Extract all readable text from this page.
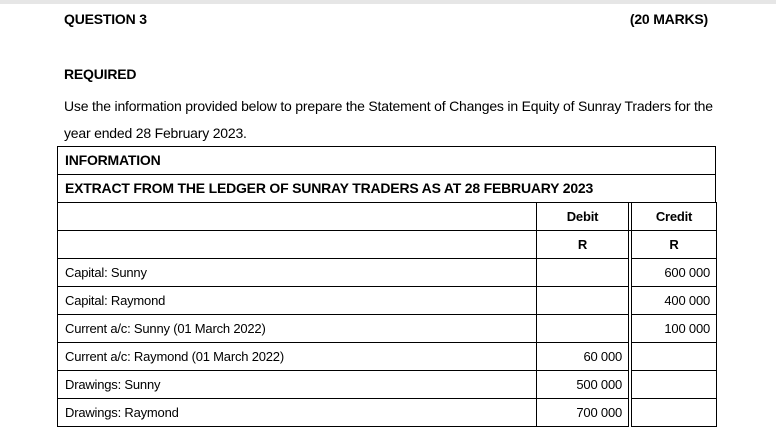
QUESTION 3	(20 MARKS)
REQUIRED
Use the information provided below to prepare the Statement of Changes in Equity of Sunray Traders for the year ended 28 February 2023.
INFORMATION
EXTRACT FROM THE LEDGER OF SUNRAY TRADERS AS AT 28 FEBRUARY 2023
	Debit		Credit
	R		R
Capital: Sunny			600 000
Capital: Raymond			400 000
Current a/c: Sunny (01 March 2022)			100 000
Current a/c: Raymond (01 March 2022)	60 000		
Drawings: Sunny	500 000		
Drawings: Raymond	700 000		
